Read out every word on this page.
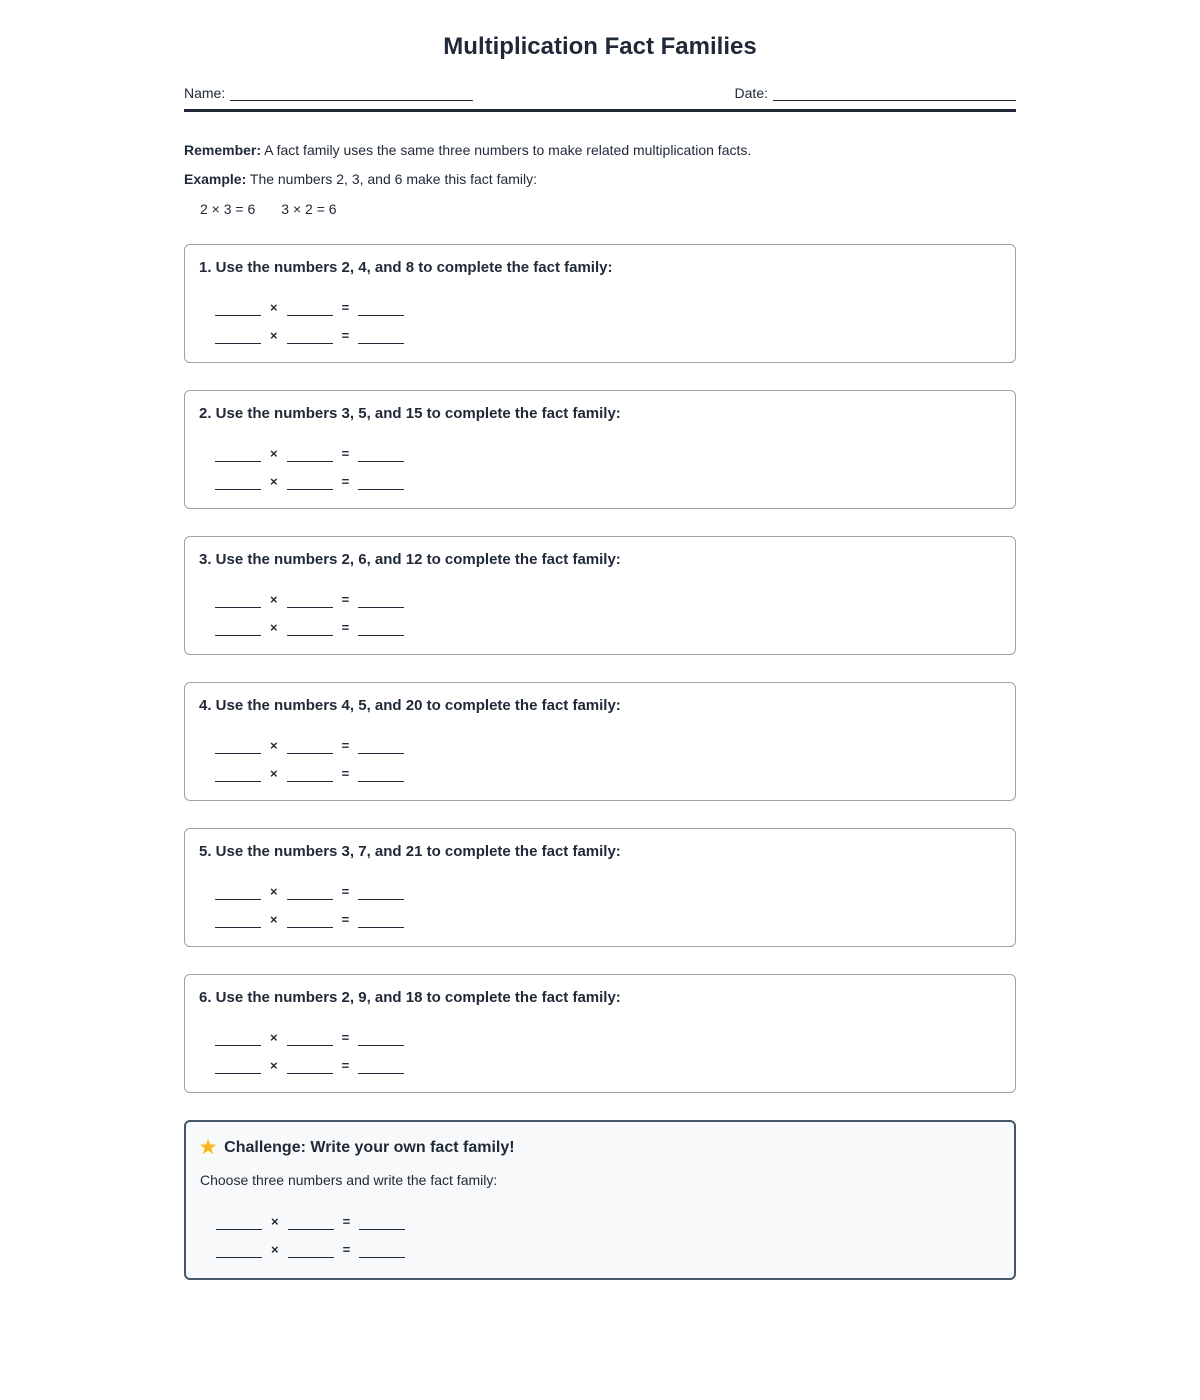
Multiplication Fact Families
Name:	Date:

Remember: A fact family uses the same three numbers to make related multiplication facts.

Example: The numbers 2, 3, and 6 make this fact family:

2 × 3 = 6 3 × 2 = 6
1. Use the numbers 2, 4, and 8 to complete the fact family:
×	=
×	=
2. Use the numbers 3, 5, and 15 to complete the fact family:
×	=
×	=
3. Use the numbers 2, 6, and 12 to complete the fact family:
×	=
×	=
4. Use the numbers 4, 5, and 20 to complete the fact family:
×	=
×	=
5. Use the numbers 3, 7, and 21 to complete the fact family:
×	=
×	=
6. Use the numbers 2, 9, and 18 to complete the fact family:
×	=
×	=
★ Challenge: Write your own fact family!

Choose three numbers and write the fact family:

×	=
×	=
